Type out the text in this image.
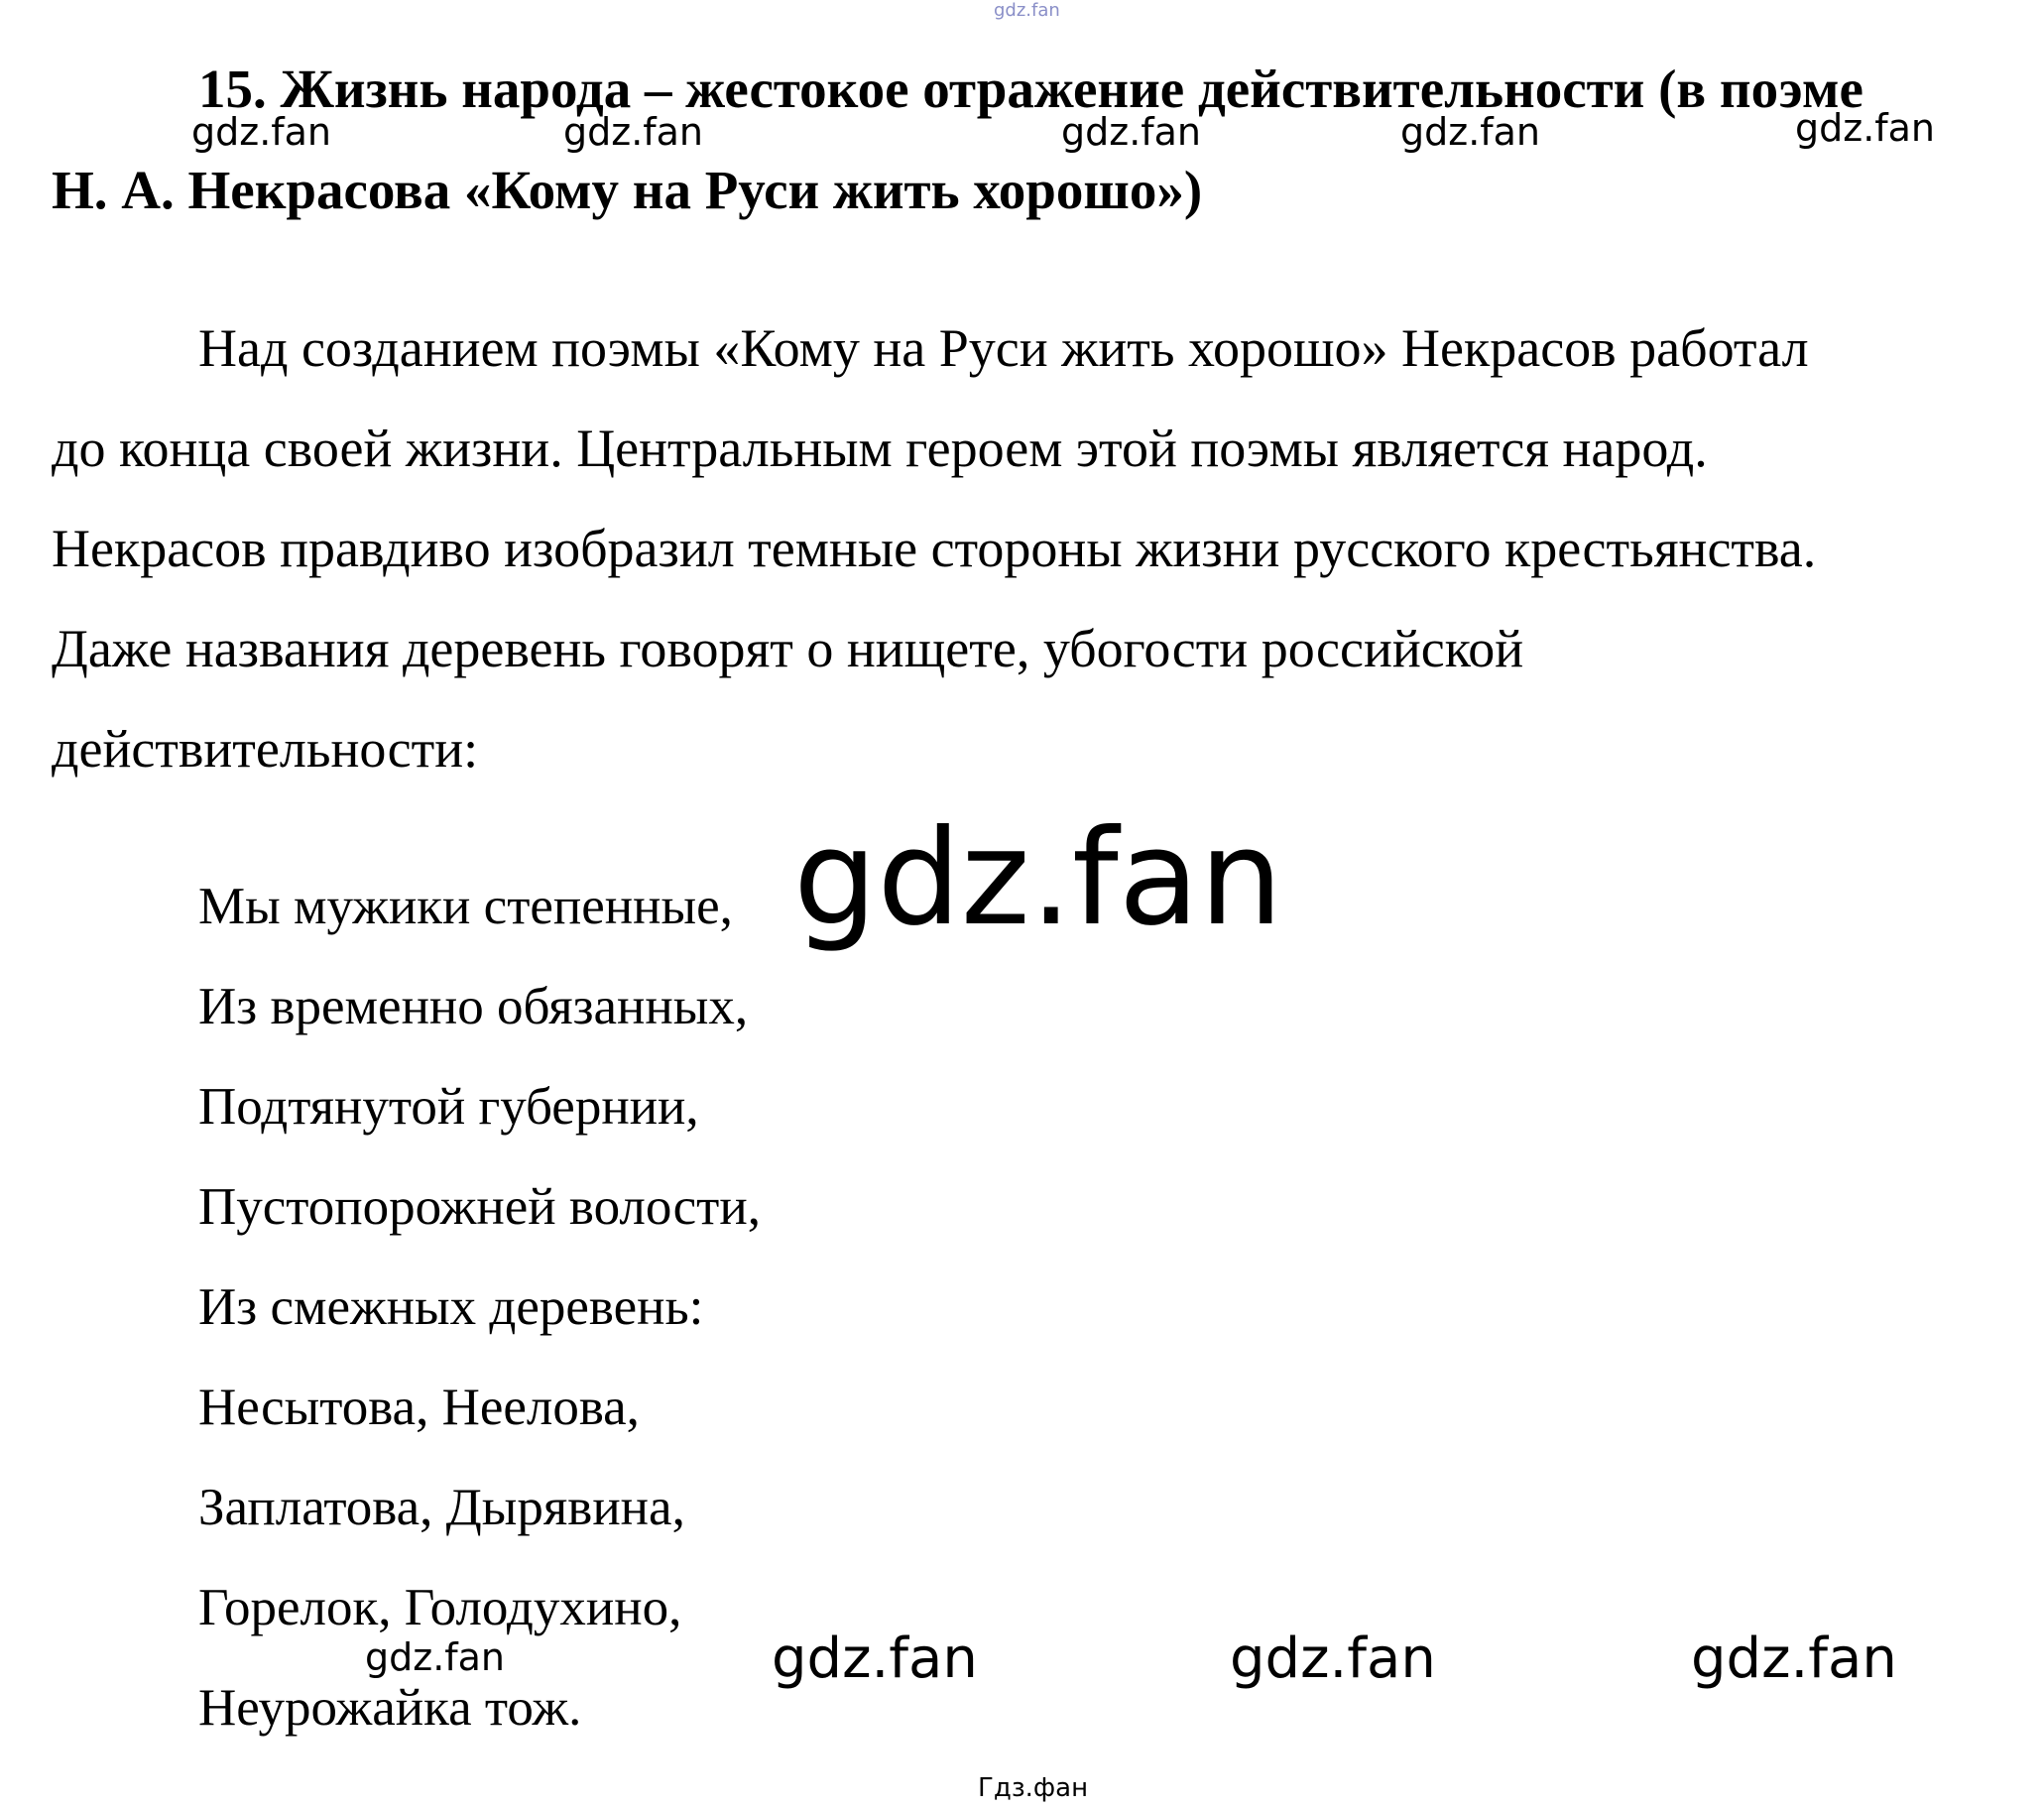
gdz.fan
15. Жизнь народа – жестокое отражение действительности (в поэме
Н. А. Некрасова «Кому на Руси жить хорошо»)
gdz.fan	gdz.fan	gdz.fan	gdz.fan	gdz.fan
Над созданием поэмы «Кому на Руси жить хорошо» Некрасов работал
до конца своей жизни. Центральным героем этой поэмы является народ.
Некрасов правдиво изобразил темные стороны жизни русского крестьянства.
Даже названия деревень говорят о нищете, убогости российской
действительности:
Мы мужики степенные, gdz.fan
Из временно обязанных,
Подтянутой губернии,
Пустопорожней волости,
Из смежных деревень:
Несытова, Неелова,
Заплатова, Дырявина,
Горелок, Голодухино,
Неурожайка тож.
gdz.fan	gdz.fan	gdz.fan	gdz.fan
Гдз.фан
